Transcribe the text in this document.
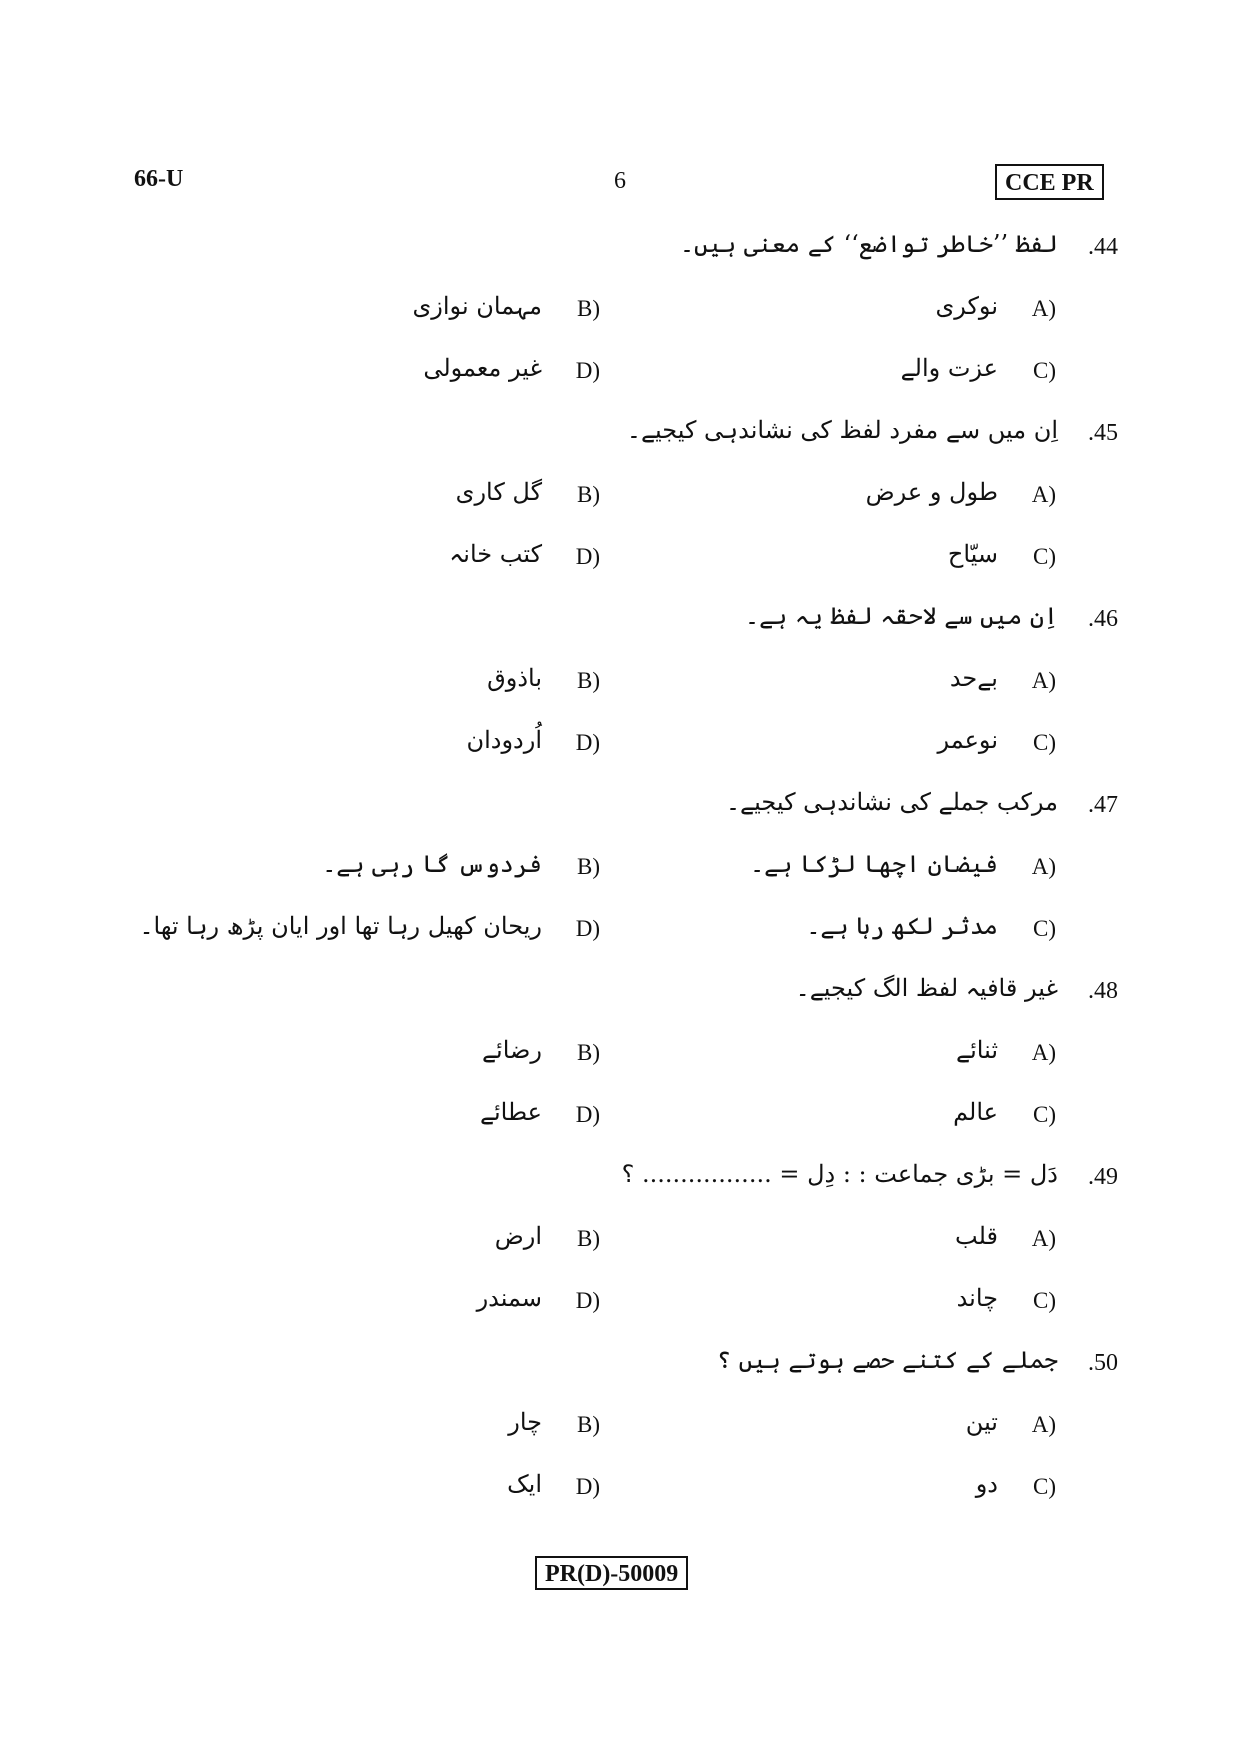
66-U	6	CCE PR
.44
لفظ ’’خاطر تواضع‘‘ کے معنی ہیں۔
A)
نوکری
B)
مہمان نوازی
C)
عزت والے
D)
غیر معمولی
.45
اِن میں سے مفرد لفظ کی نشاندہی کیجیے۔
A)
طول و عرض
B)
گل کاری
C)
سیّاح
D)
کتب خانہ
.46
اِن میں سے لاحقہ لفظ یہ ہے۔
A)
بےحد
B)
باذوق
C)
نوعمر
D)
اُردودان
.47
مرکب جملے کی نشاندہی کیجیے۔
A)
فیضان اچھا لڑکا ہے۔
B)
فردوس گا رہی ہے۔
C)
مدثر لکھ رہا ہے۔
D)
ریحان کھیل رہا تھا اور ایان پڑھ رہا تھا۔
.48
غیر قافیہ لفظ الگ کیجیے۔
A)
ثنائے
B)
رضائے
C)
عالم
D)
عطائے
.49
دَل = بڑی جماعت : : دِل = ................. ؟
A)
قلب
B)
ارض
C)
چاند
D)
سمندر
.50
جملے کے کتنے حصے ہوتے ہیں ؟
A)
تین
B)
چار
C)
دو
D)
ایک
PR(D)-50009
